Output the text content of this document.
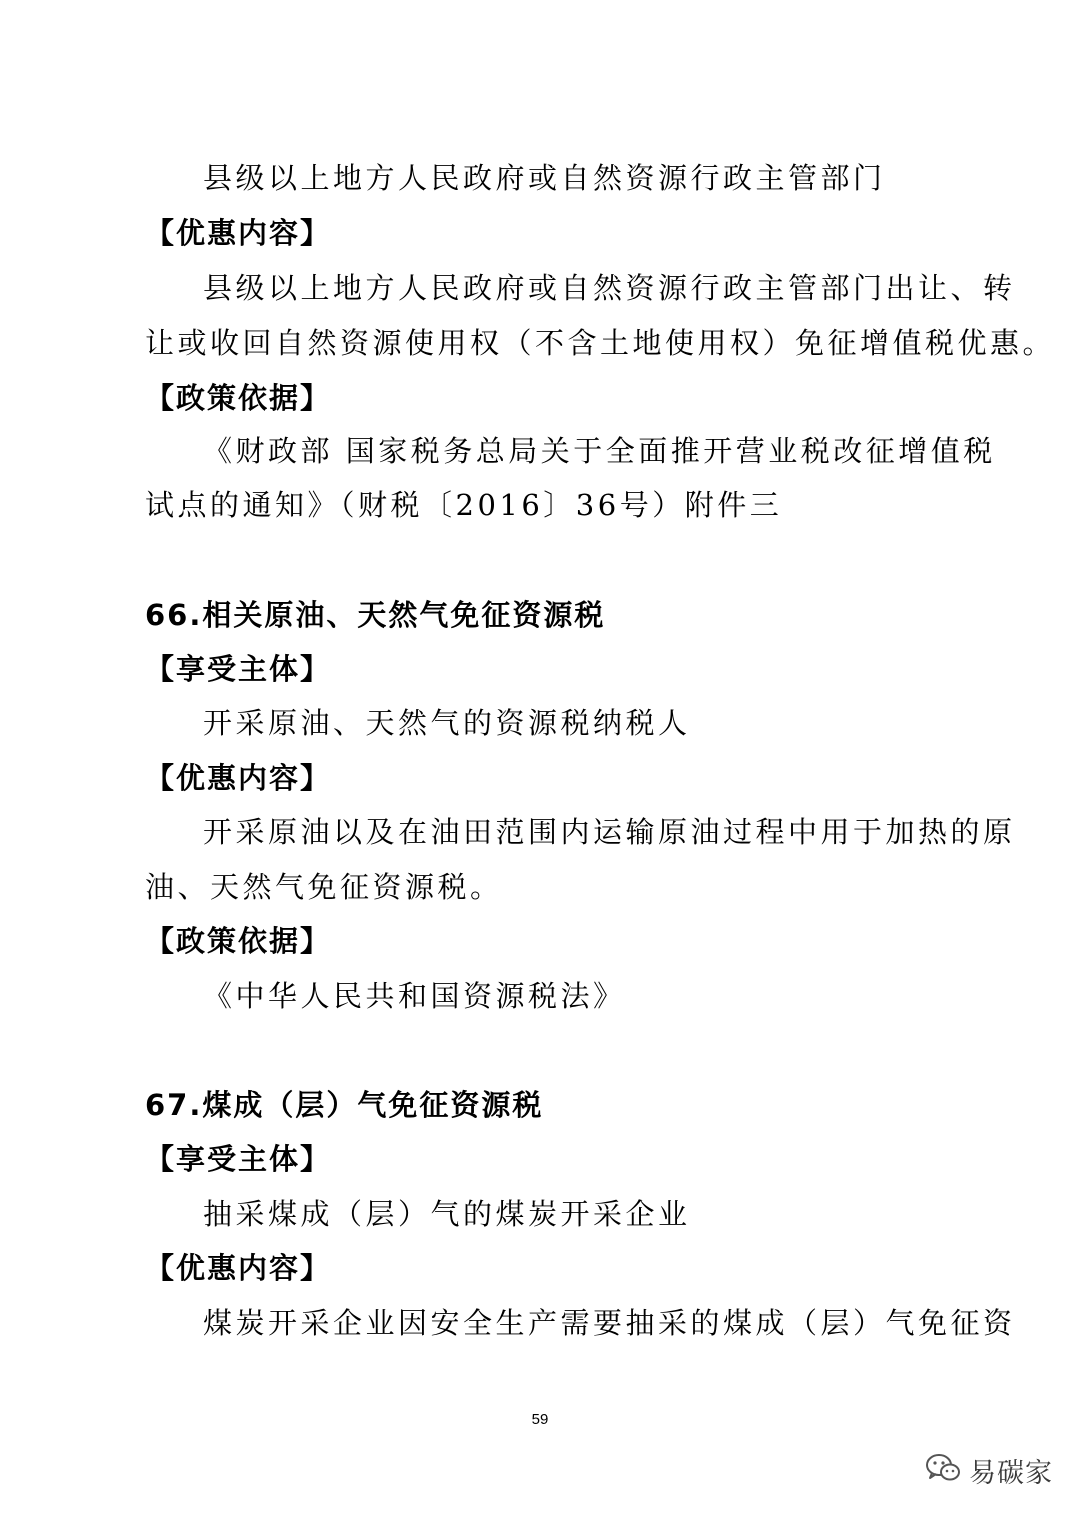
县级以上地方人民政府或自然资源行政主管部门
【优惠内容】
县级以上地方人民政府或自然资源行政主管部门出让、转
让或收回自然资源使用权（不含土地使用权）免征增值税优惠。
【政策依据】
《财政部 国家税务总局关于全面推开营业税改征增值税
试点的通知》（财税〔2016〕36号）附件三
66.相关原油、天然气免征资源税
【享受主体】
开采原油、天然气的资源税纳税人
【优惠内容】
开采原油以及在油田范围内运输原油过程中用于加热的原
油、天然气免征资源税。
【政策依据】
《中华人民共和国资源税法》
67.煤成（层）气免征资源税
【享受主体】
抽采煤成（层）气的煤炭开采企业
【优惠内容】
煤炭开采企业因安全生产需要抽采的煤成（层）气免征资
59
易碳家
